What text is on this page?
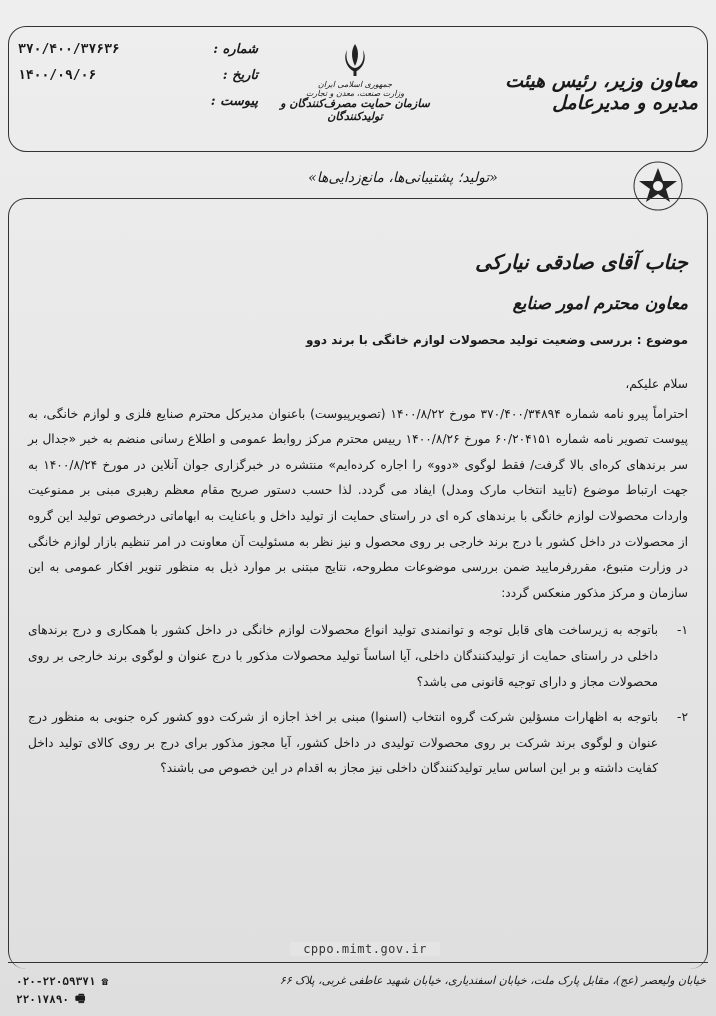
۳۷۰/۴۰۰/۳۷۶۳۶	شماره :
۱۴۰۰/۰۹/۰۶	تاریخ :
پیوست :
جمهوری اسلامی ایران
وزارت صنعت، معدن و تجارت
سازمان حمایت مصرف‌کنندگان و تولیدکنندگان
معاون وزیر، رئیس هیئت مدیره و مدیرعامل
«تولید؛ پشتیبانی‌ها، مانع‌زدایی‌ها»
جناب آقای صادقی نیارکی
معاون محترم امور صنایع
موضوع : بررسی وضعیت تولید محصولات لوازم خانگی با برند دوو

سلام علیکم،

احتراماً پیرو نامه شماره ۳۷۰/۴۰۰/۳۴۸۹۴ مورخ ۱۴۰۰/۸/۲۲ (تصویرپیوست) باعنوان مدیرکل محترم صنایع فلزی و لوازم خانگی، به پیوست تصویر نامه شماره ۶۰/۲۰۴۱۵۱ مورخ ۱۴۰۰/۸/۲۶ رییس محترم مرکز روابط عمومی و اطلاع رسانی منضم به خبر «جدال بر سر برندهای کره‌ای بالا گرفت/ فقط لوگوی «دوو» را اجاره کرده‌ایم» منتشره در خبرگزاری جوان آنلاین در مورخ ۱۴۰۰/۸/۲۴ به جهت ارتباط موضوع (تایید انتخاب مارک ومدل) ایفاد می گردد. لذا حسب دستور صریح مقام معظم رهبری مبنی بر ممنوعیت واردات محصولات لوازم خانگی با برندهای کره ای در راستای حمایت از تولید داخل و باعنایت به ابهاماتی درخصوص تولید این گروه از محصولات در داخل کشور با درج برند خارجی بر روی محصول و نیز نظر به مسئولیت آن معاونت در امر تنظیم بازار لوازم خانگی در وزارت متبوع، مقررفرمایید ضمن بررسی موضوعات مطروحه، نتایج مبتنی بر موارد ذیل به منظور تنویر افکار عمومی به این سازمان و مرکز مذکور منعکس گردد:

۱-
باتوجه به زیرساخت های قابل توجه و توانمندی تولید انواع محصولات لوازم خانگی در داخل کشور با همکاری و درج برندهای داخلی در راستای حمایت از تولیدکنندگان داخلی، آیا اساساً تولید محصولات مذکور با درج عنوان و لوگوی برند خارجی بر روی محصولات مجاز و دارای توجیه قانونی می باشد؟
۲-
باتوجه به اظهارات مسؤلین شرکت گروه انتخاب (اسنوا) مبنی بر اخذ اجازه از شرکت دوو کشور کره جنوبی به منظور درج عنوان و لوگوی برند شرکت بر روی محصولات تولیدی در داخل کشور، آیا مجوز مذکور برای درج بر روی کالای تولید داخل کفایت داشته و بر این اساس سایر تولیدکنندگان داخلی نیز مجاز به اقدام در این خصوص می باشند؟
cppo.mimt.gov.ir
خیابان ولیعصر (عج)، مقابل پارک ملت، خیابان اسفندیاری، خیابان شهید عاطفی غربی، پلاک ۶۶
۰۲۰-۲۲۰۵۹۳۷۱ ☎
۲۲۰۱۷۸۹۰ 🖷
